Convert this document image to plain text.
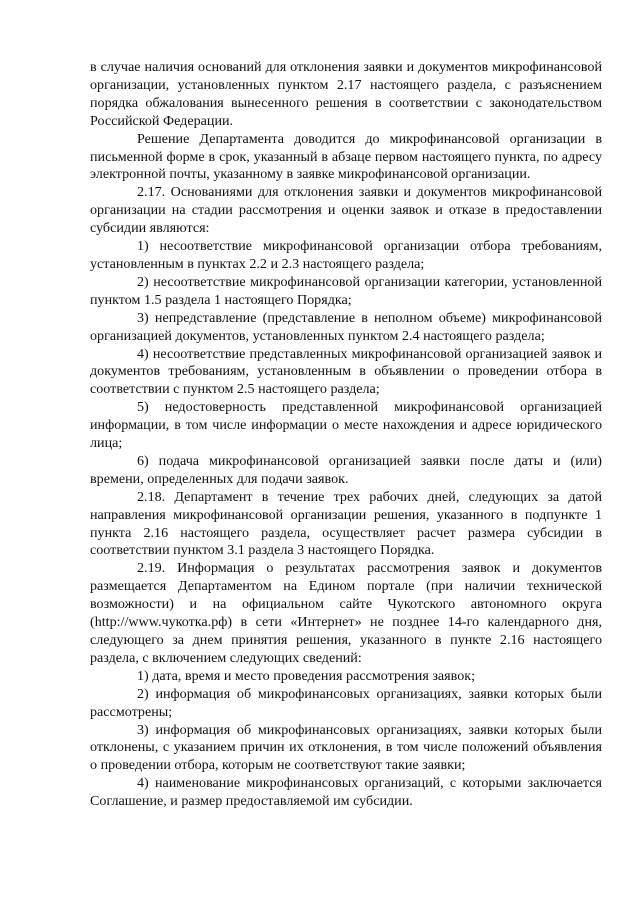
в случае наличия оснований для отклонения заявки и документов микрофинансовой организации, установленных пунктом 2.17 настоящего раздела, с разъяснением порядка обжалования вынесенного решения в соответствии с законодательством Российской Федерации.

Решение Департамента доводится до микрофинансовой организации в письменной форме в срок, указанный в абзаце первом настоящего пункта, по адресу электронной почты, указанному в заявке микрофинансовой организации.

2.17. Основаниями для отклонения заявки и документов микрофинансовой организации на стадии рассмотрения и оценки заявок и отказе в предоставлении субсидии являются:

1) несоответствие микрофинансовой организации отбора требованиям, установленным в пунктах 2.2 и 2.3 настоящего раздела;

2) несоответствие микрофинансовой организации категории, установленной пунктом 1.5 раздела 1 настоящего Порядка;

3) непредставление (представление в неполном объеме) микрофинансовой организацией документов, установленных пунктом 2.4 настоящего раздела;

4) несоответствие представленных микрофинансовой организацией заявок и документов требованиям, установленным в объявлении о проведении отбора в соответствии с пунктом 2.5 настоящего раздела;

5) недостоверность представленной микрофинансовой организацией информации, в том числе информации о месте нахождения и адресе юридического лица;

6) подача микрофинансовой организацией заявки после даты и (или) времени, определенных для подачи заявок.

2.18. Департамент в течение трех рабочих дней, следующих за датой направления микрофинансовой организации решения, указанного в подпункте 1 пункта 2.16 настоящего раздела, осуществляет расчет размера субсидии в соответствии пунктом 3.1 раздела 3 настоящего Порядка.

2.19. Информация о результатах рассмотрения заявок и документов размещается Департаментом на Едином портале (при наличии технической возможности) и на официальном сайте Чукотского автономного округа (http://www.чукотка.рф) в сети «Интернет» не позднее 14-го календарного дня, следующего за днем принятия решения, указанного в пункте 2.16 настоящего раздела, с включением следующих сведений:

1) дата, время и место проведения рассмотрения заявок;

2) информация об микрофинансовых организациях, заявки которых были рассмотрены;

3) информация об микрофинансовых организациях, заявки которых были отклонены, с указанием причин их отклонения, в том числе положений объявления о проведении отбора, которым не соответствуют такие заявки;

4) наименование микрофинансовых организаций, с которыми заключается Соглашение, и размер предоставляемой им субсидии.
